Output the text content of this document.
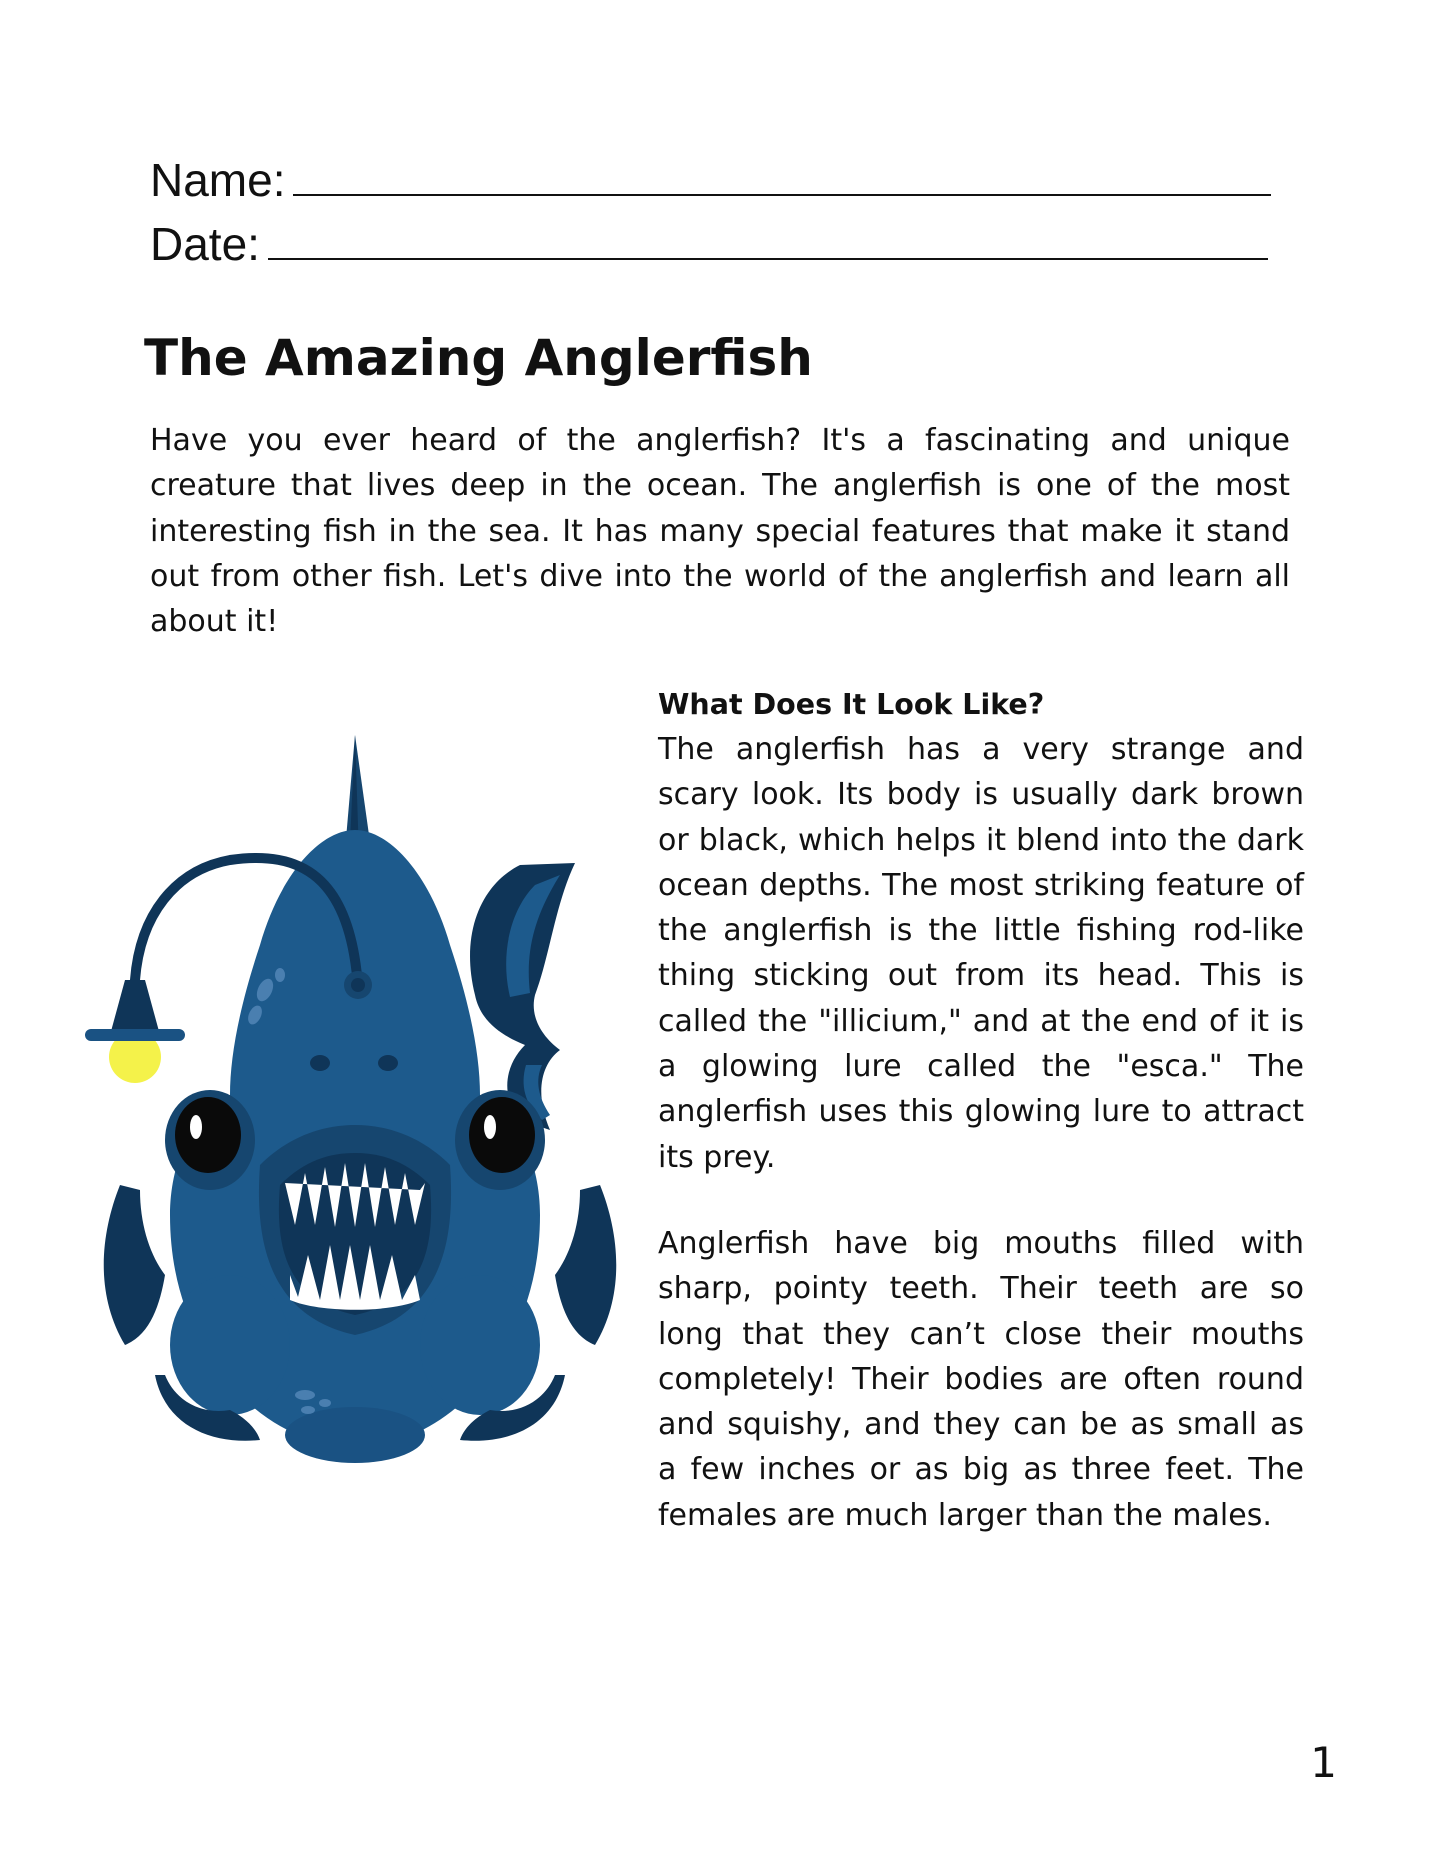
Name:
Date:
The Amazing Anglerfish

Have you ever heard of the anglerfish? It's a fascinating and unique creature that lives deep in the ocean. The anglerfish is one of the most interesting fish in the sea. It has many special features that make it stand out from other fish. Let's dive into the world of the anglerfish and learn all about it!

What Does It Look Like?

The anglerfish has a very strange and scary look. Its body is usually dark brown or black, which helps it blend into the dark ocean depths. The most striking feature of the anglerfish is the little fishing rod-like thing sticking out from its head. This is called the "illicium," and at the end of it is a glowing lure called the "esca." The anglerfish uses this glowing lure to attract its prey.

Anglerfish have big mouths filled with sharp, pointy teeth. Their teeth are so long that they can’t close their mouths completely! Their bodies are often round and squishy, and they can be as small as a few inches or as big as three feet. The females are much larger than the males.

1
